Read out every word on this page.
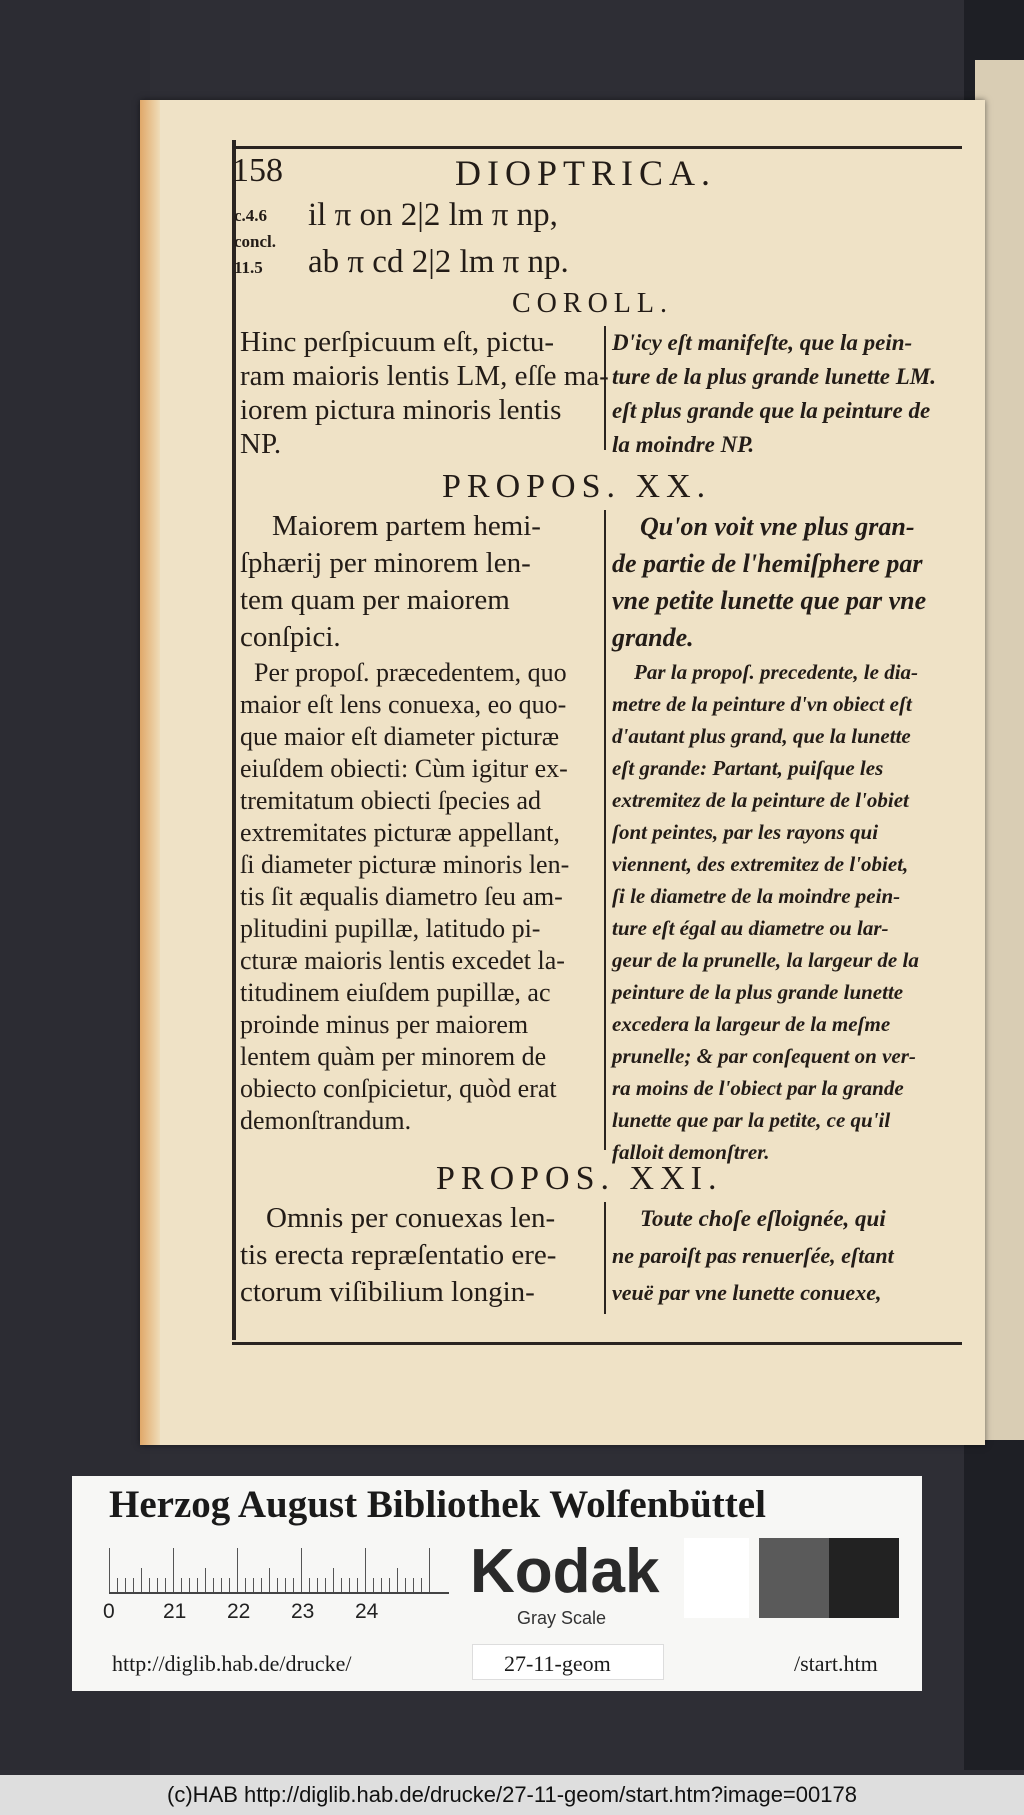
158	DIOPTRICA.
c.4.6
concl.
11.5
il π on 2|2 lm π np,
ab π cd 2|2 lm π np.
COROLL.
Hinc perſpicuum eſt, pictu-
ram maioris lentis LM, eſſe ma-
iorem pictura minoris lentis
NP.
D'icy eſt manifeſte, que la pein-
ture de la plus grande lunette LM.
eſt plus grande que la peinture de
la moindre NP.
PROPOS. XX.
Maiorem partem hemi-
ſphærij per minorem len-
tem quam per maiorem
conſpici.
Qu'on voit vne plus gran-
de partie de l'hemiſphere par
vne petite lunette que par vne
grande.
Per propoſ. præcedentem, quo
maior eſt lens conuexa, eo quo-
que maior eſt diameter picturæ
eiuſdem obiecti: Cùm igitur ex-
tremitatum obiecti ſpecies ad
extremitates picturæ appellant,
ſi diameter picturæ minoris len-
tis ſit æqualis diametro ſeu am-
plitudini pupillæ, latitudo pi-
cturæ maioris lentis excedet la-
titudinem eiuſdem pupillæ, ac
proinde minus per maiorem
lentem quàm per minorem de
obiecto conſpicietur, quòd erat
demonſtrandum.
Par la propoſ. precedente, le dia-
metre de la peinture d'vn obiect eſt
d'autant plus grand, que la lunette
eſt grande: Partant, puiſque les
extremitez de la peinture de l'obiet
ſont peintes, par les rayons qui
viennent, des extremitez de l'obiet,
ſi le diametre de la moindre pein-
ture eſt égal au diametre ou lar-
geur de la prunelle, la largeur de la
peinture de la plus grande lunette
excedera la largeur de la meſme
prunelle; & par conſequent on ver-
ra moins de l'obiect par la grande
lunette que par la petite, ce qu'il
falloit demonſtrer.
PROPOS. XXI.
Omnis per conuexas len-
tis erecta repræſentatio ere-
ctorum viſibilium longin-
Toute choſe eſloignée, qui
ne paroiſt pas renuerſée, eſtant
veuë par vne lunette conuexe,
Herzog August Bibliothek Wolfenbüttel
0 21 22 23 24
Kodak
Gray Scale
http://diglib.hab.de/drucke/	27-11-geom	/start.htm
(c)HAB http://diglib.hab.de/drucke/27-11-geom/start.htm?image=00178
